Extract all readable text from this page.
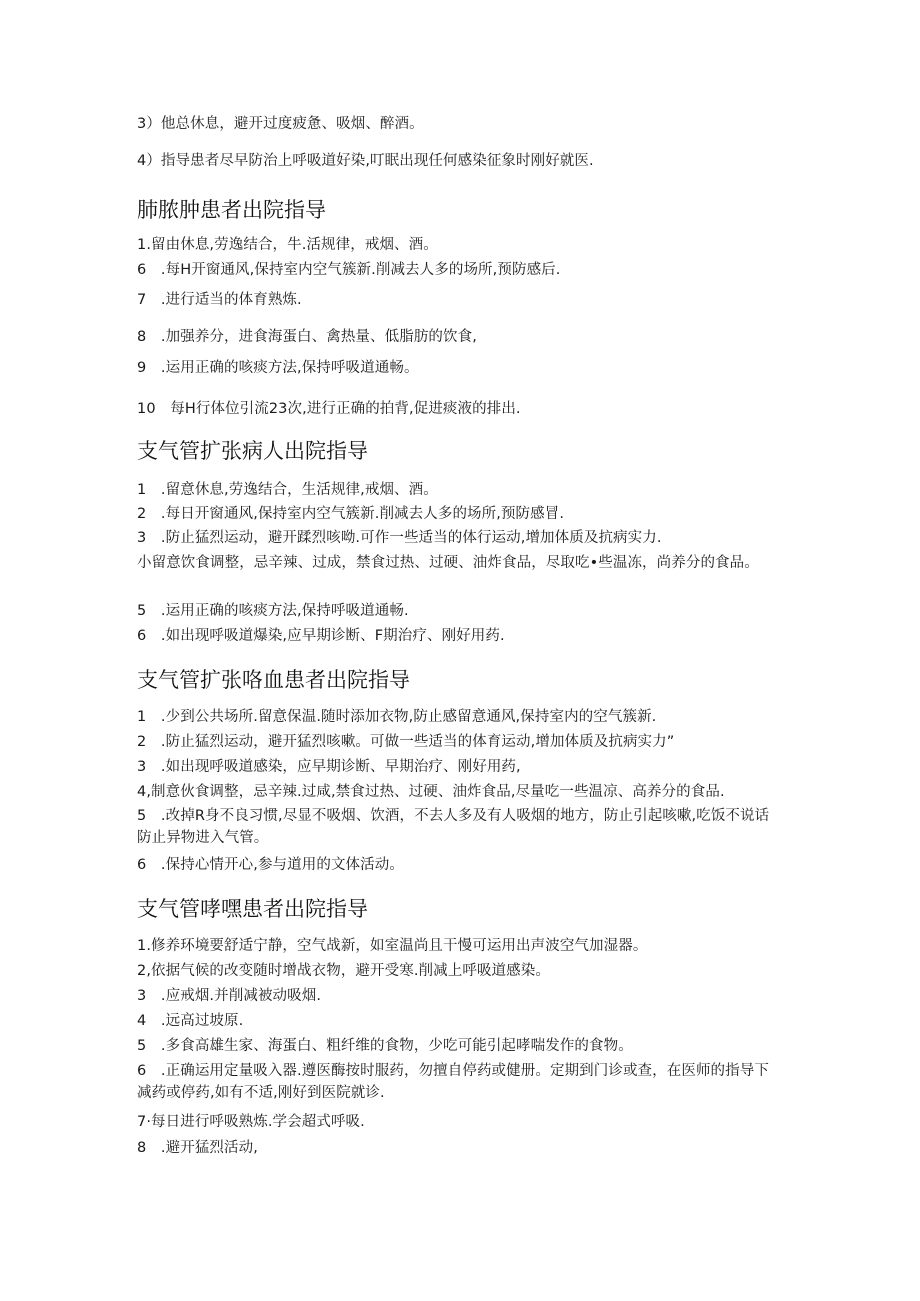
3）他总休息，避开过度疲惫、吸烟、醉酒。
4）指导患者尽早防治上呼吸道好染,叮眠出现任何感染征象时刚好就医.
肺脓肿患者出院指导
1.留由休息,劳逸结合，牛.活规律，戒烟、酒。
6　.每H开窗通风,保持室内空气簇新.削减去人多的场所,预防感后.
7　.进行适当的体育熟炼.
8　.加强养分，进食海蛋白、禽热量、低脂肪的饮食,
9　.运用正确的咳痰方法,保持呼吸道通畅。
10　每H行体位引流23次,进行正确的拍背,促进痰液的排出.
支气管扩张病人出院指导
1　.留意休息,劳逸结合，生活规律,戒烟、酒。
2　.每日开窗通风,保持室内空气簇新.削减去人多的场所,预防感冒.
3　.防止猛烈运动，避开蹂烈咳呦.可作一些适当的体行运动,增加体质及抗病实力.
小留意饮食调整，忌辛辣、过成，禁食过热、过硬、油炸食品，尽取吃•些温冻，尚养分的食品。
5　.运用正确的咳痰方法,保持呼吸道通畅.
6　.如出现呼吸道爆染,应早期诊断、F期治疗、刚好用药.
支气管扩张咯血患者出院指导
1　.少到公共场所.留意保温.随时添加衣物,防止感留意通风,保持室内的空气簇新.
2　.防止猛烈运动，避开猛烈咳嗽。可做一些适当的体育运动,增加体质及抗病实力”
3　.如出现呼吸道感染，应早期诊断、早期治疗、刚好用药,
4,制意伙食调整，忌辛辣.过咸,禁食过热、过硬、油炸食品,尽量吃一些温凉、高养分的食品.
5　.改掉R身不良习惯,尽显不吸烟、饮酒，不去人多及有人吸烟的地方，防止引起咳嗽,吃饭不说话防止异物进入气管。
6　.保持心情开心,参与道用的文体活动。
支气管哮嘿患者出院指导
1.修养环境要舒适宁静，空气战新，如室温尚且干慢可运用出声波空气加湿器。
2,依据气候的改变随时增战衣物，避开受寒.削减上呼吸道感染。
3　.应戒烟.并削减被动吸烟.
4　.远高过坡原.
5　.多食高雄生家、海蛋白、粗纤维的食物，少吃可能引起哮喘发作的食物。
6　.正确运用定量吸入器.遵医酶按时服药，勿擅自停药或健册。定期到门诊或查，在医师的指导下减药或停药,如有不适,刚好到医院就诊.
7·每日进行呼吸熟炼.学会超式呼吸.
8　.避开猛烈活动,
